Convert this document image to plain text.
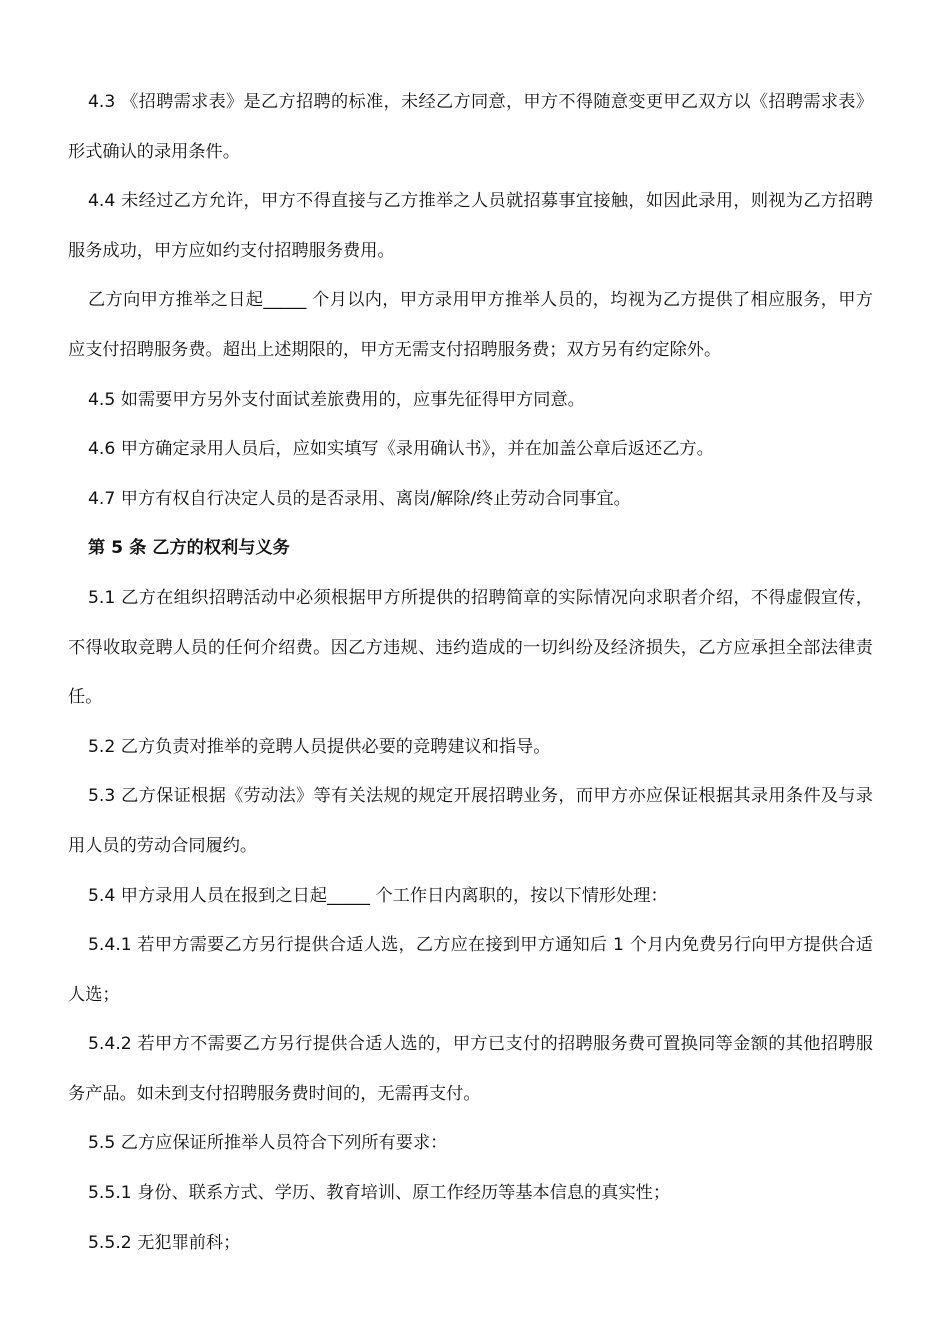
4.3 《招聘需求表》是乙方招聘的标准，未经乙方同意，甲方不得随意变更甲乙双方以《招聘需求表》形式确认的录用条件。

4.4 未经过乙方允许，甲方不得直接与乙方推举之人员就招募事宜接触，如因此录用，则视为乙方招聘服务成功，甲方应如约支付招聘服务费用。

乙方向甲方推举之日起_____ 个月以内，甲方录用甲方推举人员的，均视为乙方提供了相应服务，甲方应支付招聘服务费。超出上述期限的，甲方无需支付招聘服务费；双方另有约定除外。

4.5 如需要甲方另外支付面试差旅费用的，应事先征得甲方同意。

4.6 甲方确定录用人员后，应如实填写《录用确认书》，并在加盖公章后返还乙方。

4.7 甲方有权自行决定人员的是否录用、离岗/解除/终止劳动合同事宜。

第 5 条 乙方的权利与义务

5.1 乙方在组织招聘活动中必须根据甲方所提供的招聘简章的实际情况向求职者介绍，不得虚假宣传，不得收取竞聘人员的任何介绍费。因乙方违规、违约造成的一切纠纷及经济损失，乙方应承担全部法律责任。

5.2 乙方负责对推举的竞聘人员提供必要的竞聘建议和指导。

5.3 乙方保证根据《劳动法》等有关法规的规定开展招聘业务，而甲方亦应保证根据其录用条件及与录用人员的劳动合同履约。

5.4 甲方录用人员在报到之日起_____ 个工作日内离职的，按以下情形处理：

5.4.1 若甲方需要乙方另行提供合适人选，乙方应在接到甲方通知后 1 个月内免费另行向甲方提供合适人选；

5.4.2 若甲方不需要乙方另行提供合适人选的，甲方已支付的招聘服务费可置换同等金额的其他招聘服务产品。如未到支付招聘服务费时间的，无需再支付。

5.5 乙方应保证所推举人员符合下列所有要求：

5.5.1 身份、联系方式、学历、教育培训、原工作经历等基本信息的真实性；

5.5.2 无犯罪前科；
